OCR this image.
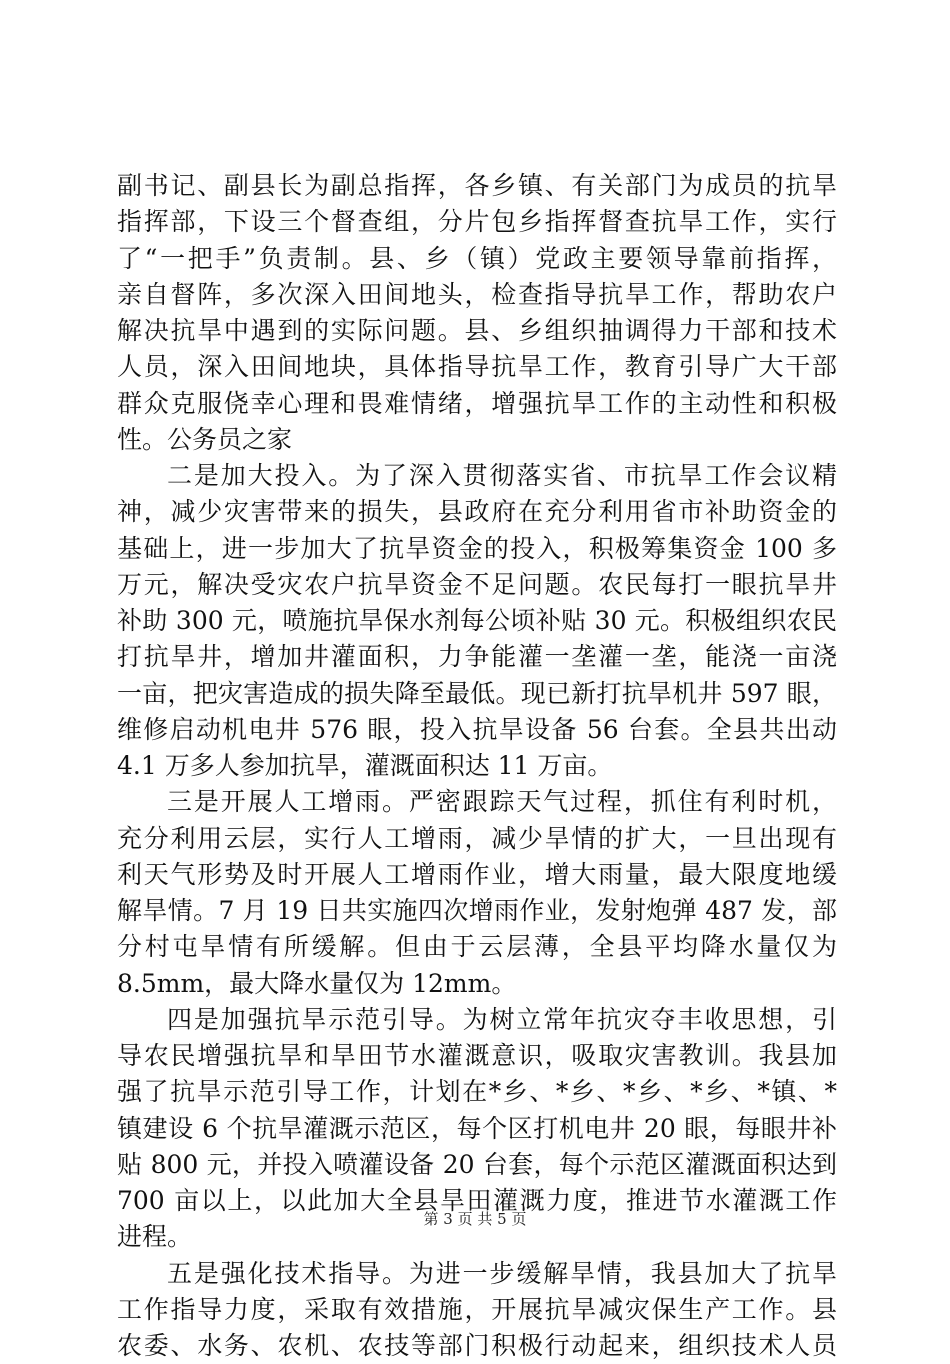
副书记、副县长为副总指挥，各乡镇、有关部门为成员的抗旱
指挥部，下设三个督查组，分片包乡指挥督查抗旱工作，实行
了“一把手”负责制。县、乡（镇）党政主要领导靠前指挥，
亲自督阵，多次深入田间地头，检查指导抗旱工作，帮助农户
解决抗旱中遇到的实际问题。县、乡组织抽调得力干部和技术
人员，深入田间地块，具体指导抗旱工作，教育引导广大干部
群众克服侥幸心理和畏难情绪，增强抗旱工作的主动性和积极
性。公务员之家
二是加大投入。为了深入贯彻落实省、市抗旱工作会议精
神，减少灾害带来的损失，县政府在充分利用省市补助资金的
基础上，进一步加大了抗旱资金的投入，积极筹集资金 100 多
万元，解决受灾农户抗旱资金不足问题。农民每打一眼抗旱井
补助 300 元，喷施抗旱保水剂每公顷补贴 30 元。积极组织农民
打抗旱井，增加井灌面积，力争能灌一垄灌一垄，能浇一亩浇
一亩，把灾害造成的损失降至最低。现已新打抗旱机井 597 眼，
维修启动机电井 576 眼，投入抗旱设备 56 台套。全县共出动
4.1 万多人参加抗旱，灌溉面积达 11 万亩。
三是开展人工增雨。严密跟踪天气过程，抓住有利时机，
充分利用云层，实行人工增雨，减少旱情的扩大，一旦出现有
利天气形势及时开展人工增雨作业，增大雨量，最大限度地缓
解旱情。7 月 19 日共实施四次增雨作业，发射炮弹 487 发，部
分村屯旱情有所缓解。但由于云层薄，全县平均降水量仅为
8.5mm，最大降水量仅为 12mm。
四是加强抗旱示范引导。为树立常年抗灾夺丰收思想，引
导农民增强抗旱和旱田节水灌溉意识，吸取灾害教训。我县加
强了抗旱示范引导工作，计划在*乡、*乡、*乡、*乡、*镇、*
镇建设 6 个抗旱灌溉示范区，每个区打机电井 20 眼，每眼井补
贴 800 元，并投入喷灌设备 20 台套，每个示范区灌溉面积达到
700 亩以上，以此加大全县旱田灌溉力度，推进节水灌溉工作
进程。
五是强化技术指导。为进一步缓解旱情，我县加大了抗旱
工作指导力度，采取有效措施，开展抗旱减灾保生产工作。县
农委、水务、农机、农技等部门积极行动起来，组织技术人员
第 3 页 共 5 页
